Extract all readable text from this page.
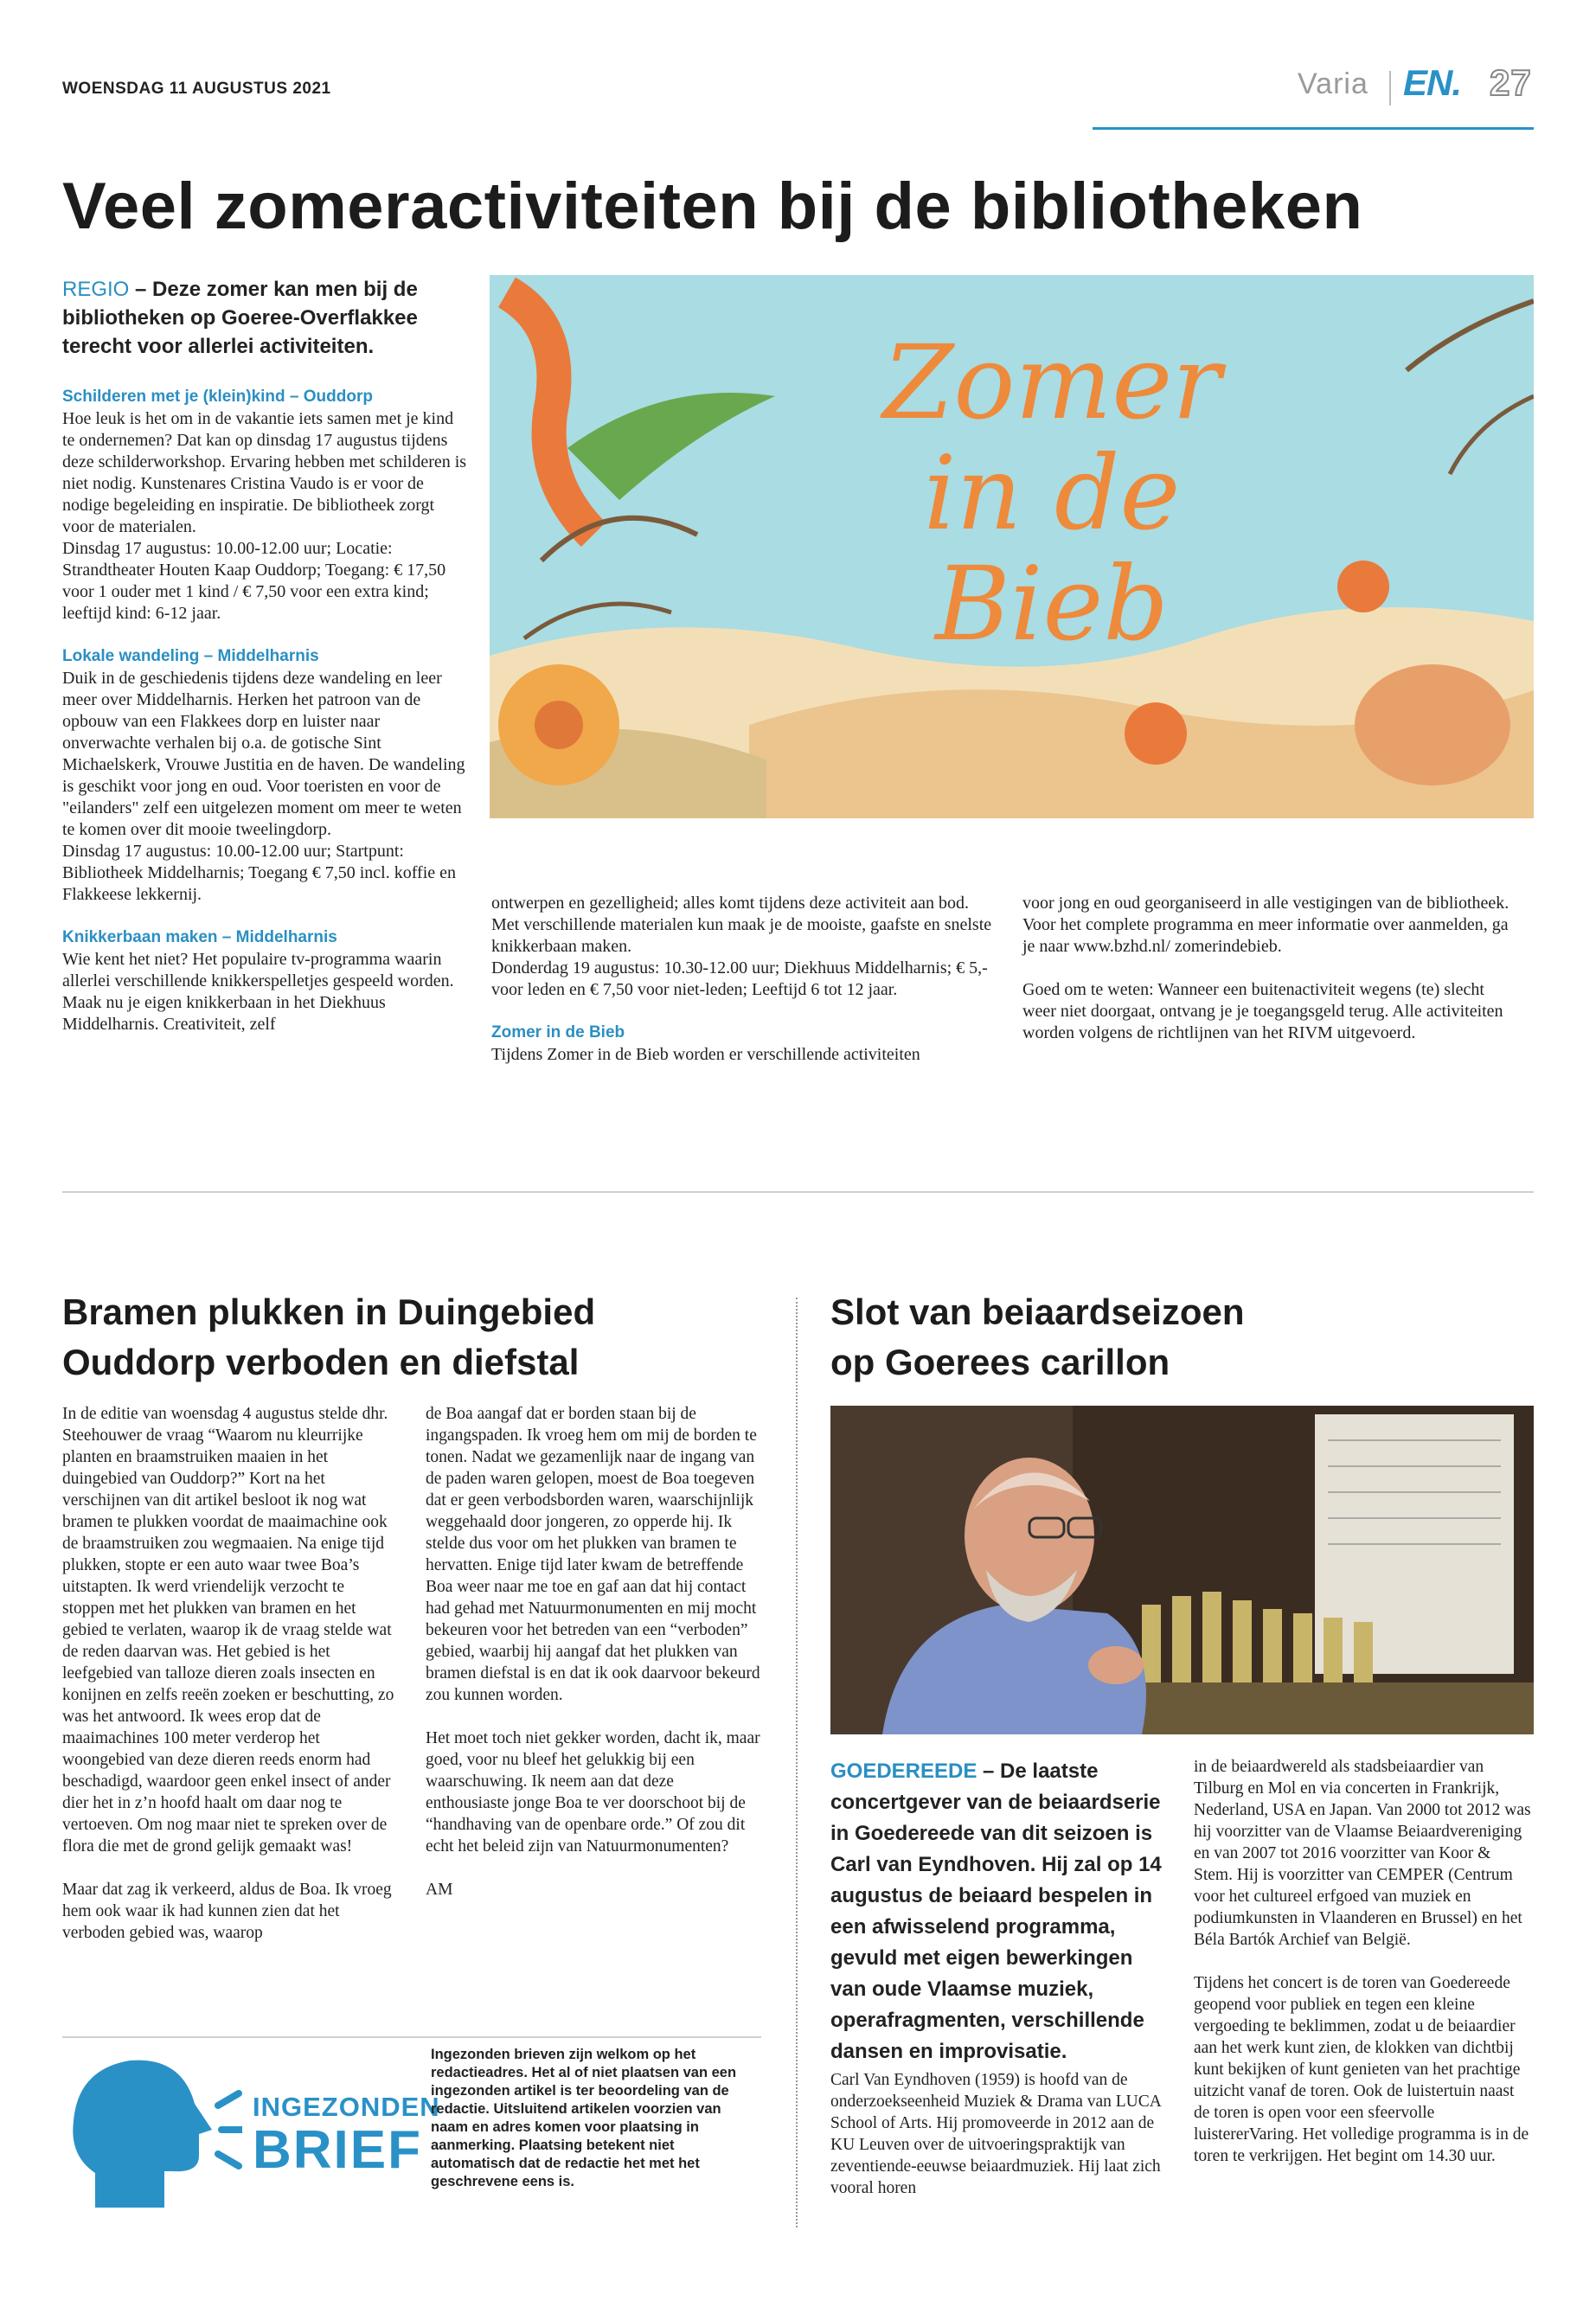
WOENSDAG 11 AUGUSTUS 2021	Varia EN. 27
Veel zomeractiviteiten bij de bibliotheken
REGIO – Deze zomer kan men bij de bibliotheken op Goeree-Overflakkee terecht voor allerlei activiteiten.
Schilderen met je (klein)kind – Ouddorp

Hoe leuk is het om in de vakantie iets samen met je kind te ondernemen? Dat kan op dinsdag 17 augustus tijdens deze schilderworkshop. Ervaring hebben met schilderen is niet nodig. Kunstenares Cristina Vaudo is er voor de nodige begeleiding en inspiratie. De bibliotheek zorgt voor de materialen.

Dinsdag 17 augustus: 10.00-12.00 uur; Locatie: Strandtheater Houten Kaap Ouddorp; Toegang: € 17,50 voor 1 ouder met 1 kind / € 7,50 voor een extra kind; leeftijd kind: 6-12 jaar.

Lokale wandeling – Middelharnis

Duik in de geschiedenis tijdens deze wandeling en leer meer over Middelharnis. Herken het patroon van de opbouw van een Flakkees dorp en luister naar onverwachte verhalen bij o.a. de gotische Sint Michaelskerk, Vrouwe Justitia en de haven. De wandeling is geschikt voor jong en oud. Voor toeristen en voor de "eilanders" zelf een uitgelezen moment om meer te weten te komen over dit mooie tweelingdorp.

Dinsdag 17 augustus: 10.00-12.00 uur; Startpunt: Bibliotheek Middelharnis; Toegang € 7,50 incl. koffie en Flakkeese lekkernij.

Knikkerbaan maken – Middelharnis

Wie kent het niet? Het populaire tv-programma waarin allerlei verschillende knikkerspelletjes gespeeld worden. Maak nu je eigen knikkerbaan in het Diekhuus Middelharnis. Creativiteit, zelf

Zomer
in de
Bieb

ontwerpen en gezelligheid; alles komt tijdens deze activiteit aan bod. Met verschillende materialen kun maak je de mooiste, gaafste en snelste knikkerbaan maken.

Donderdag 19 augustus: 10.30-12.00 uur; Diekhuus Middelharnis; € 5,- voor leden en € 7,50 voor niet-leden; Leeftijd 6 tot 12 jaar.

Zomer in de Bieb

Tijdens Zomer in de Bieb worden er verschillende activiteiten

voor jong en oud georganiseerd in alle vestigingen van de bibliotheek. Voor het complete programma en meer informatie over aanmelden, ga je naar www.bzhd.nl/ zomerindebieb.

Goed om te weten: Wanneer een buitenactiviteit wegens (te) slecht weer niet doorgaat, ontvang je je toegangsgeld terug. Alle activiteiten worden volgens de richtlijnen van het RIVM uitgevoerd.

Bramen plukken in Duingebied
Ouddorp verboden en diefstal

In de editie van woensdag 4 augustus stelde dhr. Steehouwer de vraag “Waarom nu kleurrijke planten en braamstruiken maaien in het duingebied van Ouddorp?” Kort na het verschijnen van dit artikel besloot ik nog wat bramen te plukken voordat de maaimachine ook de braamstruiken zou wegmaaien. Na enige tijd plukken, stopte er een auto waar twee Boa’s uitstapten. Ik werd vriendelijk verzocht te stoppen met het plukken van bramen en het gebied te verlaten, waarop ik de vraag stelde wat de reden daarvan was. Het gebied is het leefgebied van talloze dieren zoals insecten en konijnen en zelfs reeën zoeken er beschutting, zo was het antwoord. Ik wees erop dat de maaimachines 100 meter verderop het woongebied van deze dieren reeds enorm had beschadigd, waardoor geen enkel insect of ander dier het in z’n hoofd haalt om daar nog te vertoeven. Om nog maar niet te spreken over de flora die met de grond gelijk gemaakt was!

Maar dat zag ik verkeerd, aldus de Boa. Ik vroeg hem ook waar ik had kunnen zien dat het verboden gebied was, waarop

de Boa aangaf dat er borden staan bij de ingangspaden. Ik vroeg hem om mij de borden te tonen. Nadat we gezamenlijk naar de ingang van de paden waren gelopen, moest de Boa toegeven dat er geen verbodsborden waren, waarschijnlijk weggehaald door jongeren, zo opperde hij. Ik stelde dus voor om het plukken van bramen te hervatten. Enige tijd later kwam de betreffende Boa weer naar me toe en gaf aan dat hij contact had gehad met Natuurmonumenten en mij mocht bekeuren voor het betreden van een “verboden” gebied, waarbij hij aangaf dat het plukken van bramen diefstal is en dat ik ook daarvoor bekeurd zou kunnen worden.

Het moet toch niet gekker worden, dacht ik, maar goed, voor nu bleef het gelukkig bij een waarschuwing. Ik neem aan dat deze enthousiaste jonge Boa te ver doorschoot bij de “handhaving van de openbare orde.” Of zou dit echt het beleid zijn van Natuurmonumenten?

AM

INGEZONDEN
BRIEF
Ingezonden brieven zijn welkom op het redactieadres. Het al of niet plaatsen van een ingezonden artikel is ter beoordeling van de redactie. Uitsluitend artikelen voorzien van naam en adres komen voor plaatsing in aanmerking. Plaatsing betekent niet automatisch dat de redactie het met het geschrevene eens is.
Slot van beiaardseizoen
op Goerees carillon
GOEDEREEDE – De laatste concertgever van de beiaardserie in Goedereede van dit seizoen is Carl van Eyndhoven. Hij zal op 14 augustus de beiaard bespelen in een afwisselend programma, gevuld met eigen bewerkingen van oude Vlaamse muziek, operafragmenten, verschillende dansen en improvisatie.

Carl Van Eyndhoven (1959) is hoofd van de onderzoekseenheid Muziek & Drama van LUCA School of Arts. Hij promoveerde in 2012 aan de KU Leuven over de uitvoeringspraktijk van zeventiende-eeuwse beiaardmuziek. Hij laat zich vooral horen

in de beiaardwereld als stadsbeiaardier van Tilburg en Mol en via concerten in Frankrijk, Nederland, USA en Japan. Van 2000 tot 2012 was hij voorzitter van de Vlaamse Beiaardvereniging en van 2007 tot 2016 voorzitter van Koor & Stem. Hij is voorzitter van CEMPER (Centrum voor het cultureel erfgoed van muziek en podiumkunsten in Vlaanderen en Brussel) en het Béla Bartók Archief van België.

Tijdens het concert is de toren van Goedereede geopend voor publiek en tegen een kleine vergoeding te beklimmen, zodat u de beiaardier aan het werk kunt zien, de klokken van dichtbij kunt bekijken of kunt genieten van het prachtige uitzicht vanaf de toren. Ook de luistertuin naast de toren is open voor een sfeervolle luistererVaring. Het volledige programma is in de toren te verkrijgen. Het begint om 14.30 uur.
